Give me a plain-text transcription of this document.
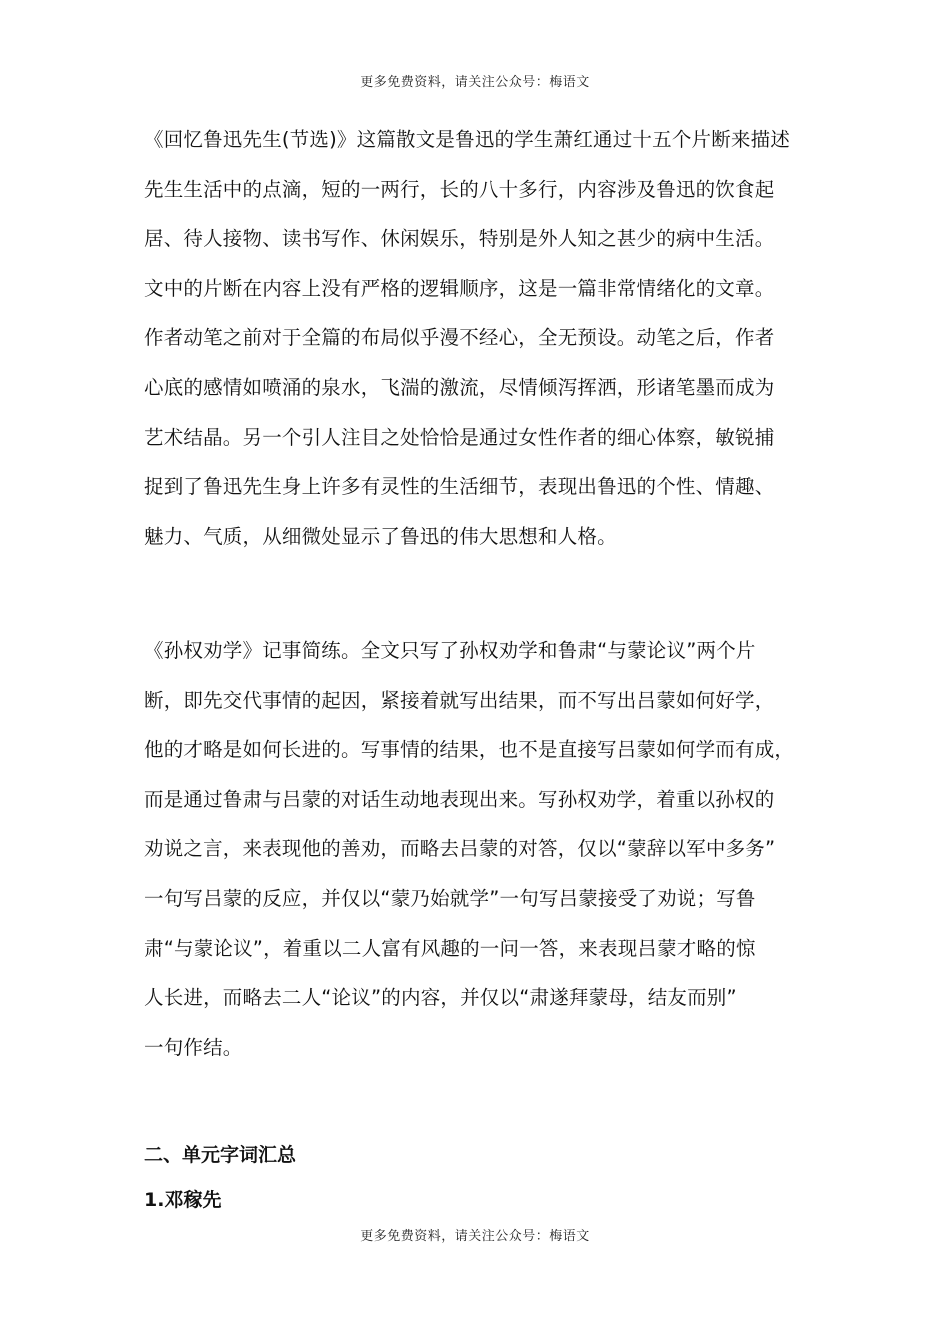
更多免费资料，请关注公众号：梅语文
《回忆鲁迅先生(节选)》这篇散文是鲁迅的学生萧红通过十五个片断来描述
先生生活中的点滴，短的一两行，长的八十多行，内容涉及鲁迅的饮食起
居、待人接物、读书写作、休闲娱乐，特别是外人知之甚少的病中生活。
文中的片断在内容上没有严格的逻辑顺序，这是一篇非常情绪化的文章。
作者动笔之前对于全篇的布局似乎漫不经心，全无预设。动笔之后，作者
心底的感情如喷涌的泉水，飞湍的激流，尽情倾泻挥洒，形诸笔墨而成为
艺术结晶。另一个引人注目之处恰恰是通过女性作者的细心体察，敏锐捕
捉到了鲁迅先生身上许多有灵性的生活细节，表现出鲁迅的个性、情趣、
魅力、气质，从细微处显示了鲁迅的伟大思想和人格。
《孙权劝学》记事简练。全文只写了孙权劝学和鲁肃“与蒙论议”两个片
断，即先交代事情的起因，紧接着就写出结果，而不写出吕蒙如何好学，
他的才略是如何长进的。写事情的结果，也不是直接写吕蒙如何学而有成，
而是通过鲁肃与吕蒙的对话生动地表现出来。写孙权劝学，着重以孙权的
劝说之言，来表现他的善劝，而略去吕蒙的对答，仅以“蒙辞以军中多务”
一句写吕蒙的反应，并仅以“蒙乃始就学”一句写吕蒙接受了劝说；写鲁
肃“与蒙论议”，着重以二人富有风趣的一问一答，来表现吕蒙才略的惊
人长进，而略去二人“论议”的内容，并仅以“肃遂拜蒙母，结友而别”
一句作结。
二、单元字词汇总
1.邓稼先
更多免费资料，请关注公众号：梅语文
